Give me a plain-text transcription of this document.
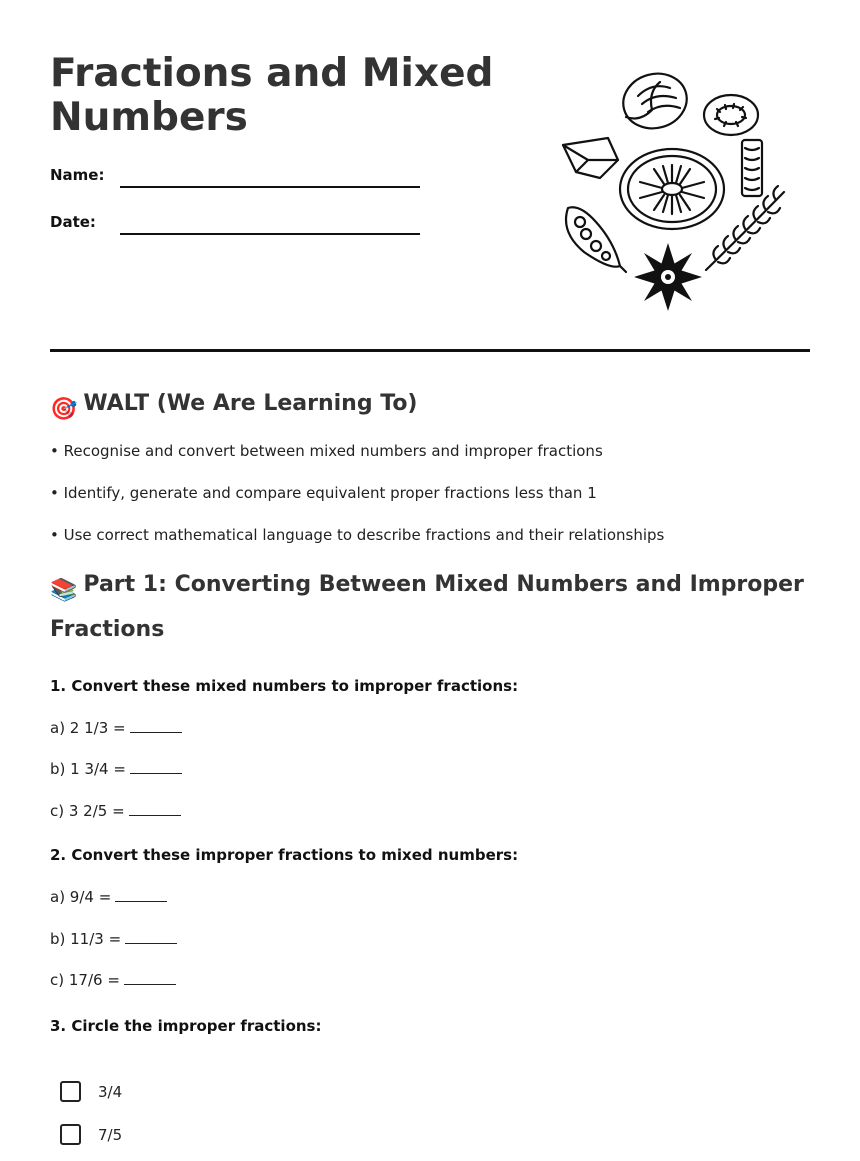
Fractions and Mixed Numbers
Name:
Date:
🎯 WALT (We Are Learning To)
• Recognise and convert between mixed numbers and improper fractions
• Identify, generate and compare equivalent proper fractions less than 1
• Use correct mathematical language to describe fractions and their relationships
📚 Part 1: Converting Between Mixed Numbers and Improper Fractions
1. Convert these mixed numbers to improper fractions:
a) 2 1/3 =
b) 1 3/4 =
c) 3 2/5 =
2. Convert these improper fractions to mixed numbers:
a) 9/4 =
b) 11/3 =
c) 17/6 =
3. Circle the improper fractions:
3/4
7/5
